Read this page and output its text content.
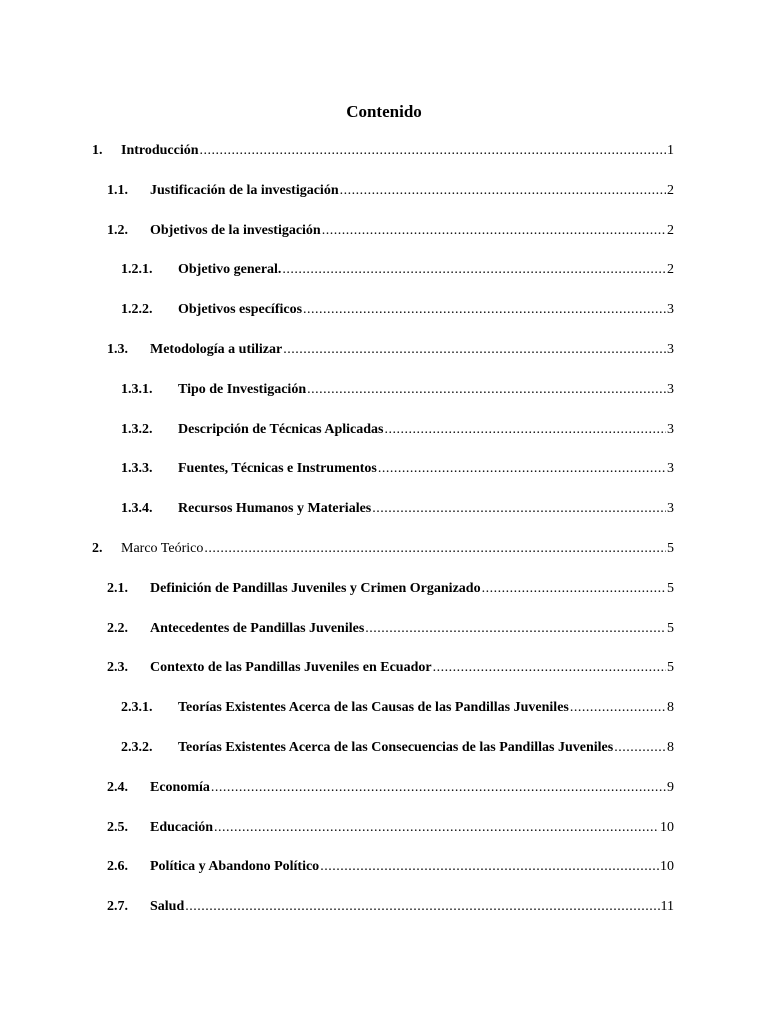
Contenido
1. Introducción .....	1
1.1. Justificación de la investigación .....	2
1.2. Objetivos de la investigación .....	2
1.2.1. Objetivo general. .....	2
1.2.2. Objetivos específicos .....	3
1.3. Metodología a utilizar .....	3
1.3.1. Tipo de Investigación .....	3
1.3.2. Descripción de Técnicas Aplicadas .....	3
1.3.3. Fuentes, Técnicas e Instrumentos .....	3
1.3.4. Recursos Humanos y Materiales .....	3
2. Marco Teórico .....	5
2.1. Definición de Pandillas Juveniles y Crimen Organizado .....	5
2.2. Antecedentes de Pandillas Juveniles .....	5
2.3. Contexto de las Pandillas Juveniles en Ecuador .....	5
2.3.1. Teorías Existentes Acerca de las Causas de las Pandillas Juveniles .....	8
2.3.2. Teorías Existentes Acerca de las Consecuencias de las Pandillas Juveniles .....	8
2.4. Economía .....	9
2.5. Educación .....	10
2.6. Política y Abandono Político .....	10
2.7. Salud .....	11
